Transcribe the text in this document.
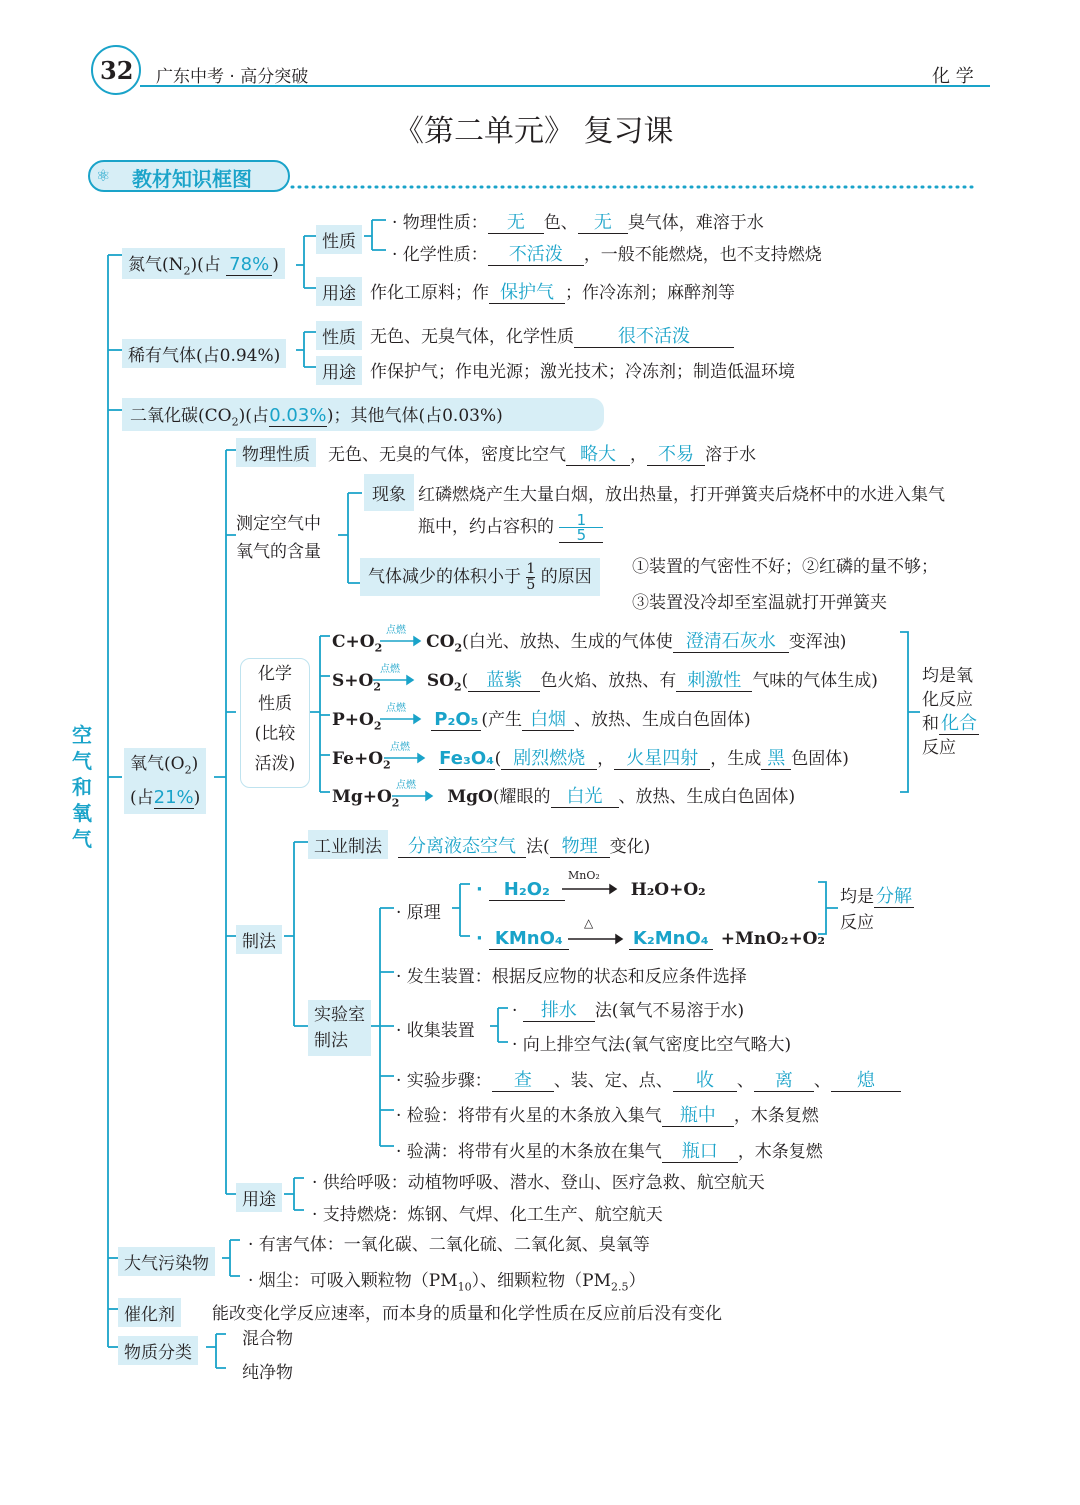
32 广东中考 · 高分突破	化 学
《第二单元》 复习课
⚛ 教材知识框图
空气和氧气
氮气$(N_2)$(占 78% )
性质
· 物理性质： 无 色、 无 臭气体，难溶于水
· 化学性质： 不活泼 ，一般不能燃烧，也不支持燃烧
用途 作化工原料；作 保护气 ；作冷冻剂；麻醉剂等
稀有气体(占0.94%)
性质 无色、无臭气体，化学性质 很不活泼
用途 作保护气；作电光源；激光技术；冷冻剂；制造低温环境
二氧化碳$(CO_2)$(占0.03%)；其他气体(占0.03%)
氧气$(O_2)$
(占21%)
物理性质	无色、无臭的气体，密度比空气 略大 ， 不易 溶于水
测定空气中
氧气的含量
现象 红磷燃烧产生大量白烟，放出热量，打开弹簧夹后烧杯中的水进入集气
瓶中，约占容积的 $\frac{1}{5}$
气体减少的体积小于 $\frac{1}{5}$ 的原因	①装置的气密性不好；②红磷的量不够；
③装置没冷却至室温就打开弹簧夹
化学
性质
(比较
活泼)
$C+O_2$
点燃
$CO_2$(白光、放热、生成的气体使 澄清石灰水 变浑浊)
$S+O_2$
点燃
$SO_2$( 蓝紫 色火焰、放热、有 刺激性 气味的气体生成)
$P+O_2$
点燃
P₂O₅ (产生 白烟 、放热、生成白色固体)
$Fe+O_2$
点燃
Fe₃O₄( 剧烈燃烧 ， 火星四射 ，生成 黑 色固体)
$Mg+O_2$
点燃
MgO(耀眼的 白光 、放热、生成白色固体)
均是氧
化反应
和 化合
反应
制法
工业制法	分离液态空气 法( 物理 变化)
实验室
制法
· 原理
· H₂O₂
MnO₂
H₂O+O₂
· KMnO₄
△
K₂MnO₄ +MnO₂+O₂
均是 分解
反应
· 发生装置：根据反应物的状态和反应条件选择
· 收集装置
· 排水 法(氧气不易溶于水)
· 向上排空气法(氧气密度比空气略大)
· 实验步骤： 查 、装、定、点、 收 、 离 、 熄
· 检验：将带有火星的木条放入集气 瓶中 ，木条复燃
· 验满：将带有火星的木条放在集气 瓶口 ，木条复燃
用途
· 供给呼吸：动植物呼吸、潜水、登山、医疗急救、航空航天
· 支持燃烧：炼钢、气焊、化工生产、航空航天
大气污染物
· 有害气体：一氧化碳、二氧化硫、二氧化氮、臭氧等
· 烟尘：可吸入颗粒物$(PM_{10})$、细颗粒物$(PM_{2.5})$
催化剂	能改变化学反应速率，而本身的质量和化学性质在反应前后没有变化
物质分类
混合物
纯净物
